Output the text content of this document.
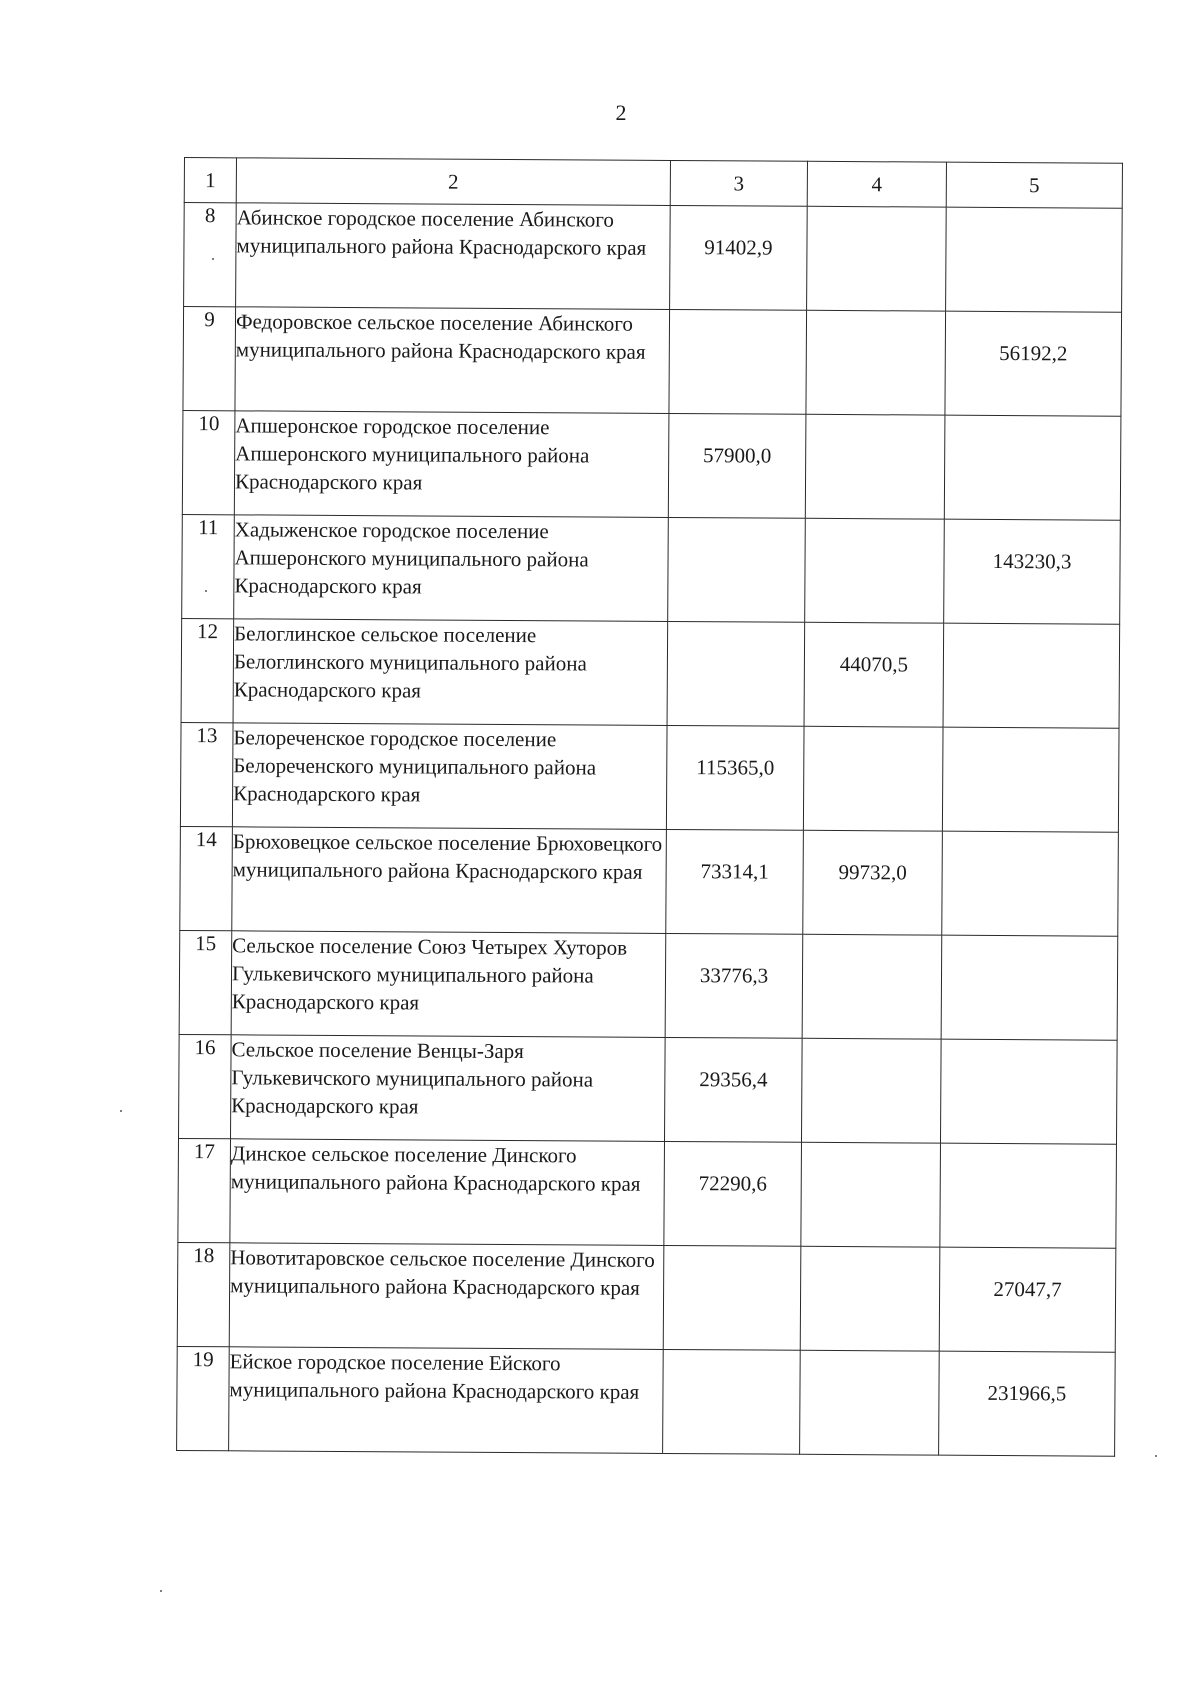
2
1	2	3	4	5
8	Абинское городское поселение Абинского муниципального района Краснодарского края	91402,9		
9	Федоровское сельское поселение Абинского муниципального района Краснодарского края			56192,2
10	Апшеронское городское поселение Апшеронского муниципального района Краснодарского края	57900,0		
11	Хадыженское городское поселение Апшеронского муниципального района Краснодарского края			143230,3
12	Белоглинское сельское поселение Белоглинского муниципального района Краснодарского края		44070,5	
13	Белореченское городское поселение Белореченского муниципального района Краснодарского края	115365,0		
14	Брюховецкое сельское поселение Брюховецкого муниципального района Краснодарского края	73314,1	99732,0	
15	Сельское поселение Союз Четырех Хуторов Гулькевичского муниципального района Краснодарского края	33776,3		
16	Сельское поселение Венцы-Заря Гулькевичского муниципального района Краснодарского края	29356,4		
17	Динское сельское поселение Динского муниципального района Краснодарского края	72290,6		
18	Новотитаровское сельское поселение Динского муниципального района Краснодарского края			27047,7
19	Ейское городское поселение Ейского муниципального района Краснодарского края			231966,5
